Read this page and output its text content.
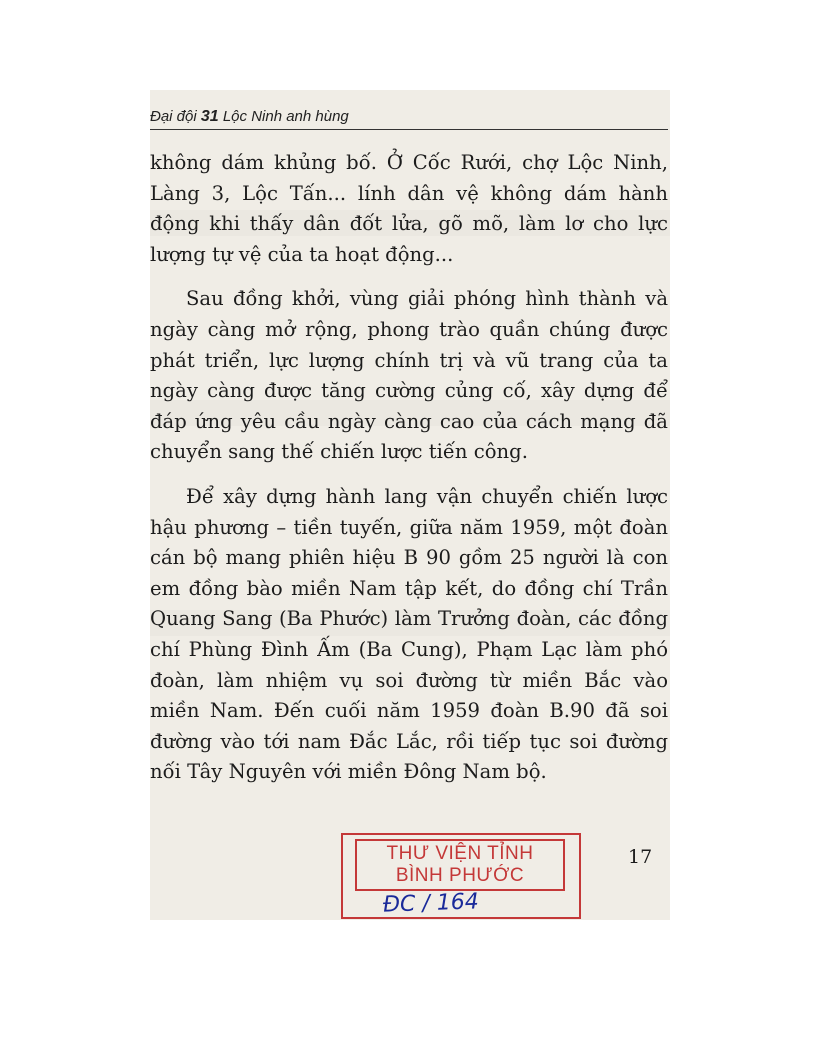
Đại đội 31 Lộc Ninh anh hùng

không dám khủng bố. Ở Cốc Rưới, chợ Lộc Ninh, Làng 3, Lộc Tấn... lính dân vệ không dám hành động khi thấy dân đốt lửa, gõ mõ, làm lơ cho lực lượng tự vệ của ta hoạt động...

Sau đồng khởi, vùng giải phóng hình thành và ngày càng mở rộng, phong trào quần chúng được phát triển, lực lượng chính trị và vũ trang của ta ngày càng được tăng cường củng cố, xây dựng để đáp ứng yêu cầu ngày càng cao của cách mạng đã chuyển sang thế chiến lược tiến công.

Để xây dựng hành lang vận chuyển chiến lược hậu phương – tiền tuyến, giữa năm 1959, một đoàn cán bộ mang phiên hiệu B 90 gồm 25 người là con em đồng bào miền Nam tập kết, do đồng chí Trần Quang Sang (Ba Phước) làm Trưởng đoàn, các đồng chí Phùng Đình Ấm (Ba Cung), Phạm Lạc làm phó đoàn, làm nhiệm vụ soi đường từ miền Bắc vào miền Nam. Đến cuối năm 1959 đoàn B.90 đã soi đường vào tới nam Đắc Lắc, rồi tiếp tục soi đường nối Tây Nguyên với miền Đông Nam bộ.

17
THƯ VIỆN TỈNH
BÌNH PHƯỚC
ĐC / 164
